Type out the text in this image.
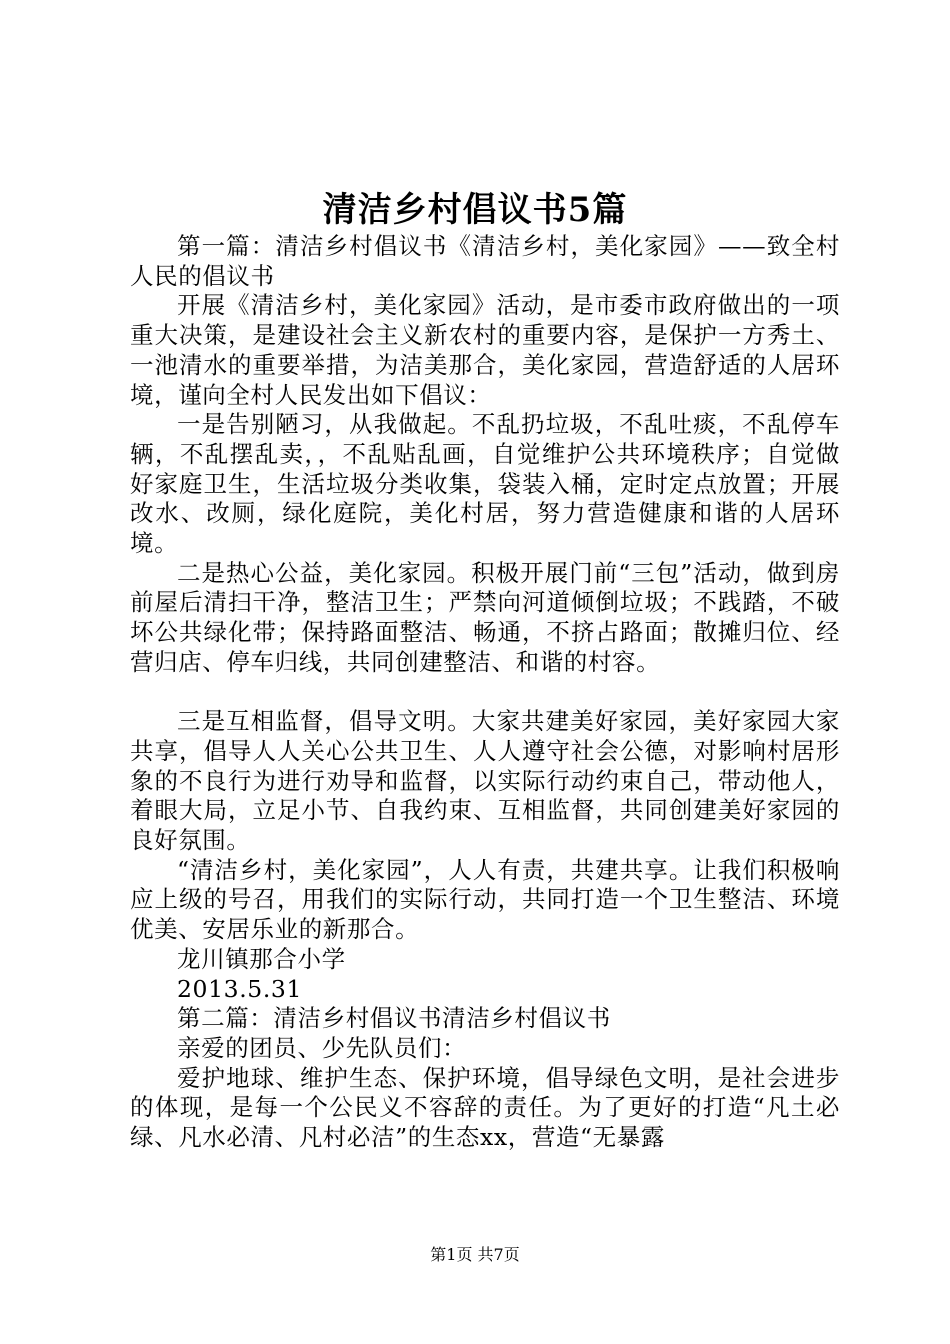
清洁乡村倡议书5篇

第一篇：清洁乡村倡议书《清洁乡村，美化家园》——致全村人民的倡议书

开展《清洁乡村，美化家园》活动，是市委市政府做出的一项重大决策，是建设社会主义新农村的重要内容，是保护一方秀土、一池清水的重要举措，为洁美那合，美化家园，营造舒适的人居环境，谨向全村人民发出如下倡议：

一是告别陋习，从我做起。不乱扔垃圾，不乱吐痰，不乱停车辆，不乱摆乱卖，，不乱贴乱画，自觉维护公共环境秩序；自觉做好家庭卫生，生活垃圾分类收集，袋装入桶，定时定点放置；开展改水、改厕，绿化庭院，美化村居，努力营造健康和谐的人居环境。

二是热心公益，美化家园。积极开展门前“三包”活动，做到房前屋后清扫干净，整洁卫生；严禁向河道倾倒垃圾；不践踏，不破坏公共绿化带；保持路面整洁、畅通，不挤占路面；散摊归位、经营归店、停车归线，共同创建整洁、和谐的村容。

三是互相监督，倡导文明。大家共建美好家园，美好家园大家共享，倡导人人关心公共卫生、人人遵守社会公德，对影响村居形象的不良行为进行劝导和监督，以实际行动约束自己，带动他人，着眼大局，立足小节、自我约束、互相监督，共同创建美好家园的良好氛围。

“清洁乡村，美化家园”，人人有责，共建共享。让我们积极响应上级的号召，用我们的实际行动，共同打造一个卫生整洁、环境优美、安居乐业的新那合。

龙川镇那合小学

2013.5.31

第二篇：清洁乡村倡议书清洁乡村倡议书

亲爱的团员、少先队员们：

爱护地球、维护生态、保护环境，倡导绿色文明，是社会进步的体现，是每一个公民义不容辞的责任。为了更好的打造“凡土必绿、凡水必清、凡村必洁”的生态xx，营造“无暴露

第1页 共7页
